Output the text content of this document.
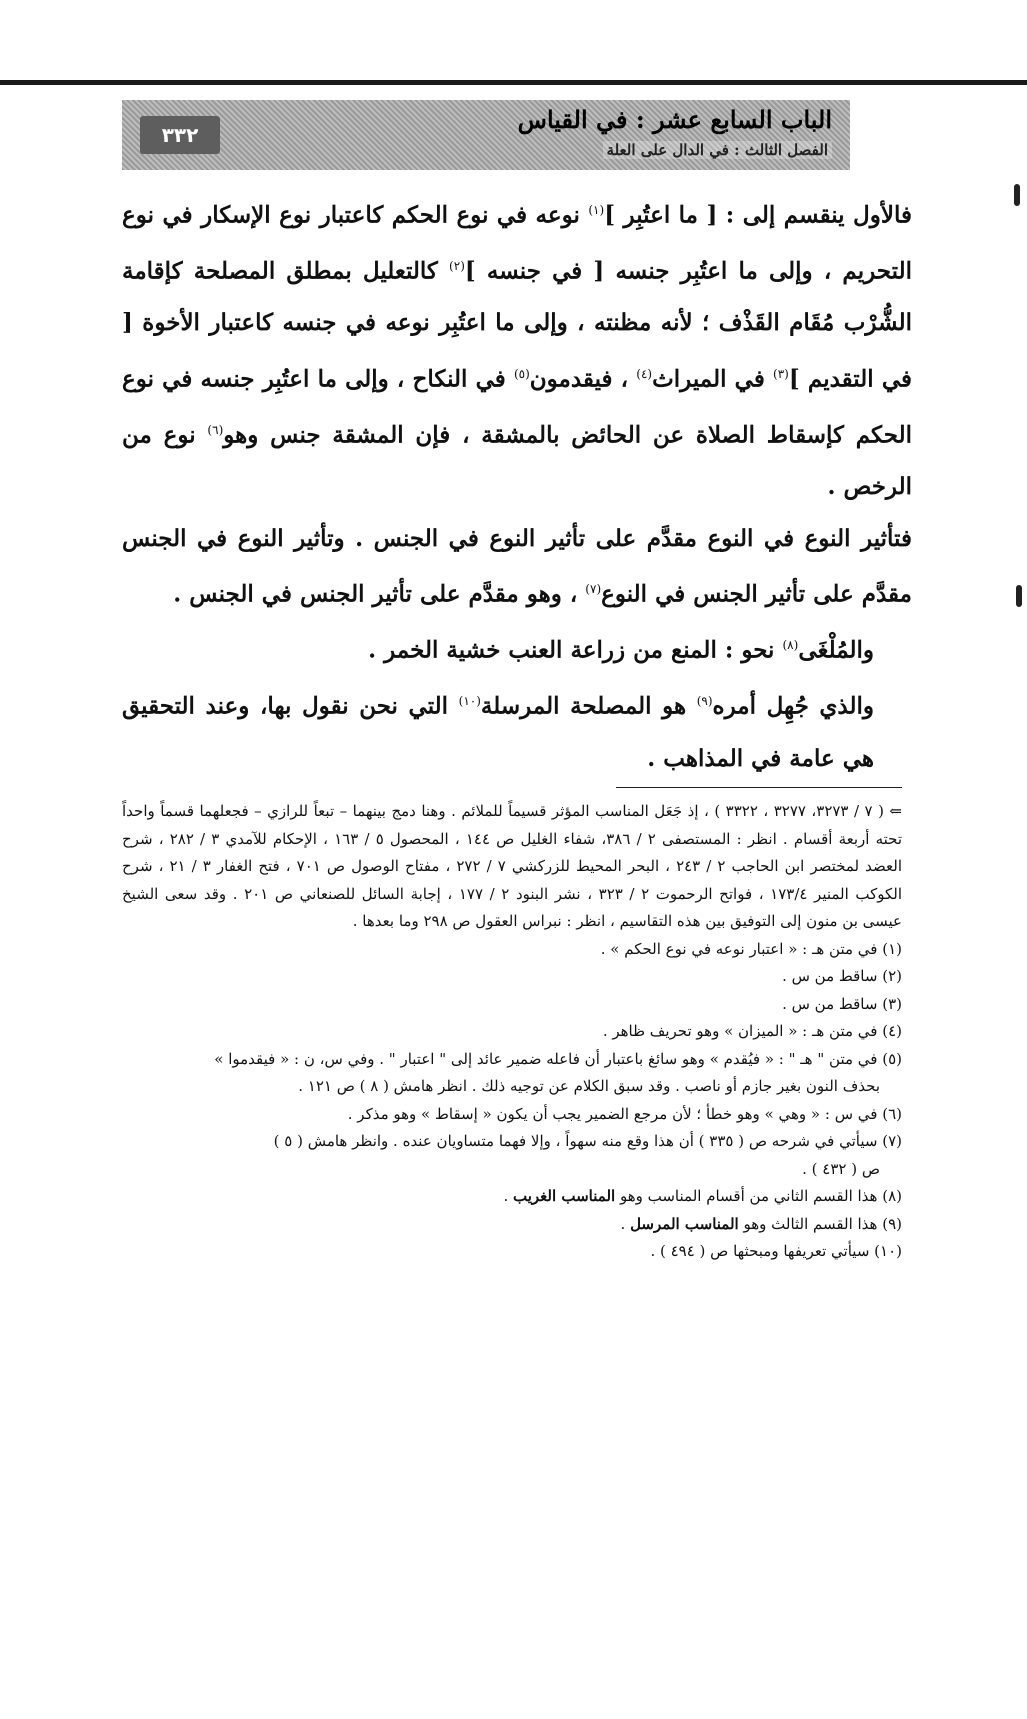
٣٣٢
الباب السابع عشر : في القياس
الفصل الثالث : في الدال على العلة

فالأول ينقسم إلى : [ ما اعتُبِر ]$^{(١)}$ نوعه في نوع الحكم كاعتبار نوع الإسكار في نوع التحريم ، وإلى ما اعتُبِر جنسه [ في جنسه ]$^{(٢)}$ كالتعليل بمطلق المصلحة كإقامة الشُّرْب مُقَام القَذْف ؛ لأنه مظنته ، وإلى ما اعتُبِر نوعه في جنسه كاعتبار الأخوة [ في التقديم ]$^{(٣)}$ في الميراث$^{(٤)}$ ، فيقدمون$^{(٥)}$ في النكاح ، وإلى ما اعتُبِر جنسه في نوع الحكم كإسقاط الصلاة عن الحائض بالمشقة ، فإن المشقة جنس وهو$^{(٦)}$ نوع من الرخص .

فتأثير النوع في النوع مقدَّم على تأثير النوع في الجنس . وتأثير النوع في الجنس مقدَّم على تأثير الجنس في النوع$^{(٧)}$ ، وهو مقدَّم على تأثير الجنس في الجنس .

والمُلْغَى$^{(٨)}$ نحو : المنع من زراعة العنب خشية الخمر .

والذي جُهِل أمره$^{(٩)}$ هو المصلحة المرسلة$^{(١٠)}$ التي نحن نقول بها، وعند التحقيق هي عامة في المذاهب .

⇐ ( ٧ / ٣٢٧٣، ٣٢٧٧ ، ٣٣٢٢ ) ، إذ جَعَل المناسب المؤثر قسيماً للملائم . وهنا دمج بينهما – تبعاً للرازي – فجعلهما قسماً واحداً تحته أربعة أقسام . انظر : المستصفى ٢ / ٣٨٦، شفاء الغليل ص ١٤٤ ، المحصول ٥ / ١٦٣ ، الإحكام للآمدي ٣ / ٢٨٢ ، شرح العضد لمختصر ابن الحاجب ٢ / ٢٤٣ ، البحر المحيط للزركشي ٧ / ٢٧٢ ، مفتاح الوصول ص ٧٠١ ، فتح الغفار ٣ / ٢١ ، شرح الكوكب المنير ١٧٣/٤ ، فواتح الرحموت ٢ / ٣٢٣ ، نشر البنود ٢ / ١٧٧ ، إجابة السائل للصنعاني ص ٢٠١ . وقد سعى الشيخ عيسى بن منون إلى التوفيق بين هذه التقاسيم ، انظر : نبراس العقول ص ٢٩٨ وما بعدها .

(١) في متن هـ : « اعتبار نوعه في نوع الحكم » .

(٢) ساقط من س .

(٣) ساقط من س .

(٤) في متن هـ : « الميزان » وهو تحريف ظاهر .

(٥) في متن " هـ " : « فيُقدم » وهو سائغ باعتبار أن فاعله ضمير عائد إلى " اعتبار " . وفي س، ن : « فيقدموا »

بحذف النون بغير جازم أو ناصب . وقد سبق الكلام عن توجيه ذلك . انظر هامش ( ٨ ) ص ١٢١ .

(٦) في س : « وهي » وهو خطأ ؛ لأن مرجع الضمير يجب أن يكون « إسقاط » وهو مذكر .

(٧) سيأتي في شرحه ص ( ٣٣٥ ) أن هذا وقع منه سهواً ، وإلا فهما متساويان عنده . وانظر هامش ( ٥ )

ص ( ٤٣٢ ) .

(٨) هذا القسم الثاني من أقسام المناسب وهو المناسب الغريب .

(٩) هذا القسم الثالث وهو المناسب المرسل .

(١٠) سيأتي تعريفها ومبحثها ص ( ٤٩٤ ) .
